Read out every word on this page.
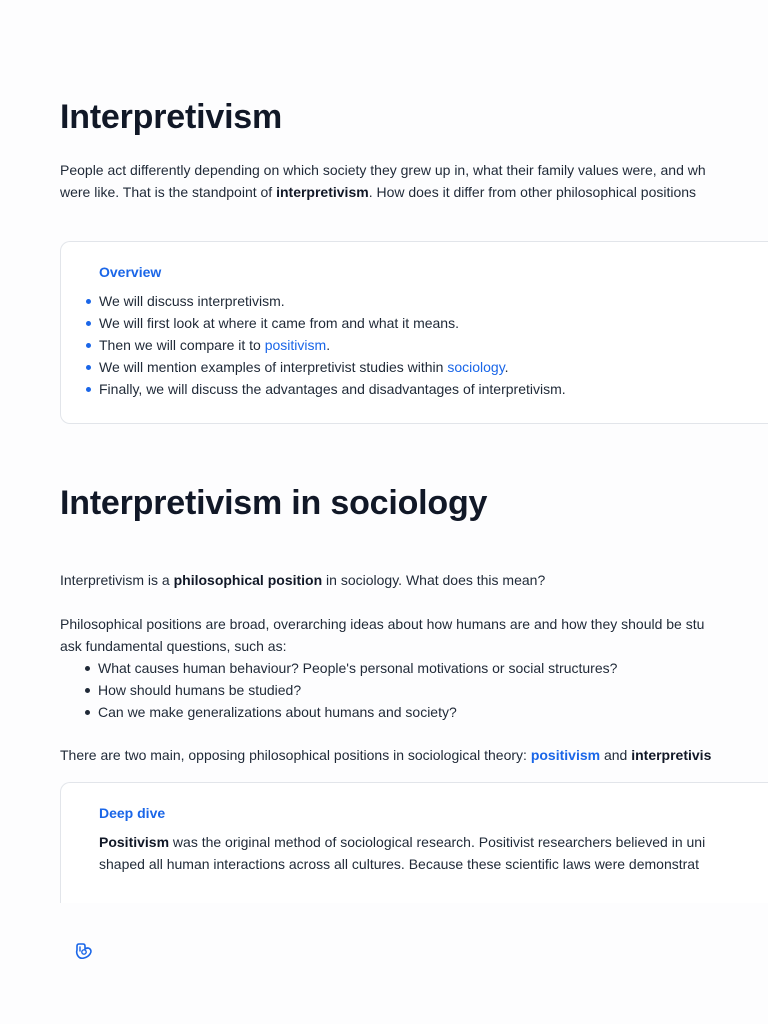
Interpretivism

People act differently depending on which society they grew up in, what their family values were, and wh
were like. That is the standpoint of interpretivism. How does it differ from other philosophical positions

Overview
We will discuss interpretivism.
We will first look at where it came from and what it means.
Then we will compare it to positivism.
We will mention examples of interpretivist studies within sociology.
Finally, we will discuss the advantages and disadvantages of interpretivism.
Interpretivism in sociology

Interpretivism is a philosophical position in sociology. What does this mean?

Philosophical positions are broad, overarching ideas about how humans are and how they should be stu
ask fundamental questions, such as:

What causes human behaviour? People's personal motivations or social structures?
How should humans be studied?
Can we make generalizations about humans and society?

There are two main, opposing philosophical positions in sociological theory: positivism and interpretivis

Deep dive

Positivism was the original method of sociological research. Positivist researchers believed in uni
shaped all human interactions across all cultures. Because these scientific laws were demonstrat
